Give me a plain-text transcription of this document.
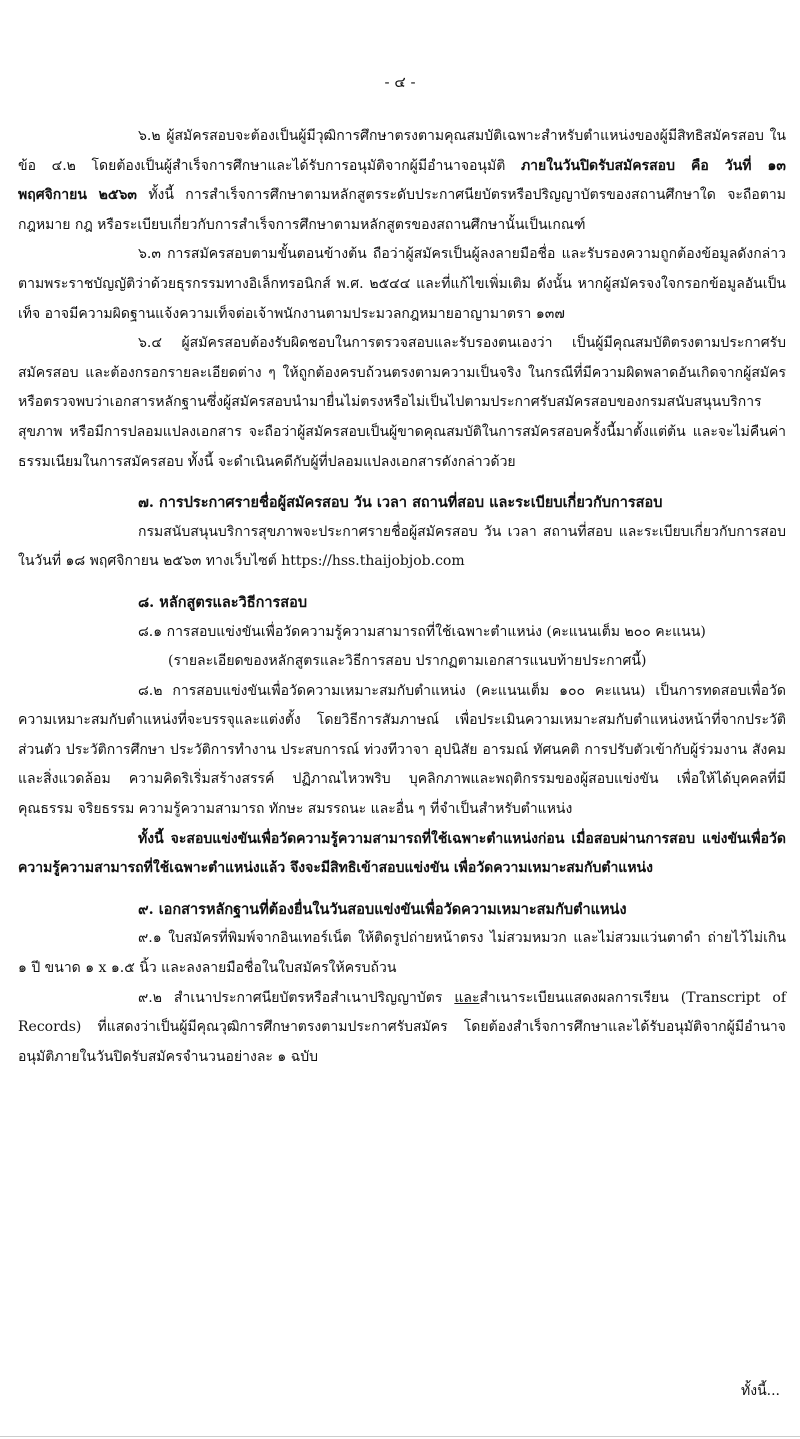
- ๔ -

๖.๒ ผู้สมัครสอบจะต้องเป็นผู้มีวุฒิการศึกษาตรงตามคุณสมบัติเฉพาะสำหรับตำแหน่งของผู้มีสิทธิสมัครสอบ ในข้อ ๔.๒ โดยต้องเป็นผู้สำเร็จการศึกษาและได้รับการอนุมัติจากผู้มีอำนาจอนุมัติ ภายในวันปิดรับสมัครสอบ คือ วันที่ ๑๓ พฤศจิกายน ๒๕๖๓ ทั้งนี้ การสำเร็จการศึกษาตามหลักสูตรระดับประกาศนียบัตรหรือปริญญาบัตรของสถานศึกษาใด จะถือตามกฎหมาย กฎ หรือระเบียบเกี่ยวกับการสำเร็จการศึกษาตามหลักสูตรของสถานศึกษานั้นเป็นเกณฑ์

๖.๓ การสมัครสอบตามขั้นตอนข้างต้น ถือว่าผู้สมัครเป็นผู้ลงลายมือชื่อ และรับรองความถูกต้องข้อมูลดังกล่าว ตามพระราชบัญญัติว่าด้วยธุรกรรมทางอิเล็กทรอนิกส์ พ.ศ. ๒๕๔๔ และที่แก้ไขเพิ่มเติม ดังนั้น หากผู้สมัครจงใจกรอกข้อมูลอันเป็นเท็จ อาจมีความผิดฐานแจ้งความเท็จต่อเจ้าพนักงานตามประมวลกฎหมายอาญามาตรา ๑๓๗

๖.๔ ผู้สมัครสอบต้องรับผิดชอบในการตรวจสอบและรับรองตนเองว่า เป็นผู้มีคุณสมบัติตรงตามประกาศรับสมัครสอบ และต้องกรอกรายละเอียดต่าง ๆ ให้ถูกต้องครบถ้วนตรงตามความเป็นจริง ในกรณีที่มีความผิดพลาดอันเกิดจากผู้สมัคร หรือตรวจพบว่าเอกสารหลักฐานซึ่งผู้สมัครสอบนำมายื่นไม่ตรงหรือไม่เป็นไปตามประกาศรับสมัครสอบของกรมสนับสนุนบริการสุขภาพ หรือมีการปลอมแปลงเอกสาร จะถือว่าผู้สมัครสอบเป็นผู้ขาดคุณสมบัติในการสมัครสอบครั้งนี้มาตั้งแต่ต้น และจะไม่คืนค่าธรรมเนียมในการสมัครสอบ ทั้งนี้ จะดำเนินคดีกับผู้ที่ปลอมแปลงเอกสารดังกล่าวด้วย

๗. การประกาศรายชื่อผู้สมัครสอบ วัน เวลา สถานที่สอบ และระเบียบเกี่ยวกับการสอบ

กรมสนับสนุนบริการสุขภาพจะประกาศรายชื่อผู้สมัครสอบ วัน เวลา สถานที่สอบ และระเบียบเกี่ยวกับการสอบ ในวันที่ ๑๘ พฤศจิกายน ๒๕๖๓ ทางเว็บไซต์ https://hss.thaijobjob.com

๘. หลักสูตรและวิธีการสอบ

๘.๑ การสอบแข่งขันเพื่อวัดความรู้ความสามารถที่ใช้เฉพาะตำแหน่ง (คะแนนเต็ม ๒๐๐ คะแนน)

(รายละเอียดของหลักสูตรและวิธีการสอบ ปรากฏตามเอกสารแนบท้ายประกาศนี้)

๘.๒ การสอบแข่งขันเพื่อวัดความเหมาะสมกับตำแหน่ง (คะแนนเต็ม ๑๐๐ คะแนน) เป็นการทดสอบเพื่อวัดความเหมาะสมกับตำแหน่งที่จะบรรจุและแต่งตั้ง โดยวิธีการสัมภาษณ์ เพื่อประเมินความเหมาะสมกับตำแหน่งหน้าที่จากประวัติส่วนตัว ประวัติการศึกษา ประวัติการทำงาน ประสบการณ์ ท่วงทีวาจา อุปนิสัย อารมณ์ ทัศนคติ การปรับตัวเข้ากับผู้ร่วมงาน สังคม และสิ่งแวดล้อม ความคิดริเริ่มสร้างสรรค์ ปฏิภาณไหวพริบ บุคลิกภาพและพฤติกรรมของผู้สอบแข่งขัน เพื่อให้ได้บุคคลที่มีคุณธรรม จริยธรรม ความรู้ความสามารถ ทักษะ สมรรถนะ และอื่น ๆ ที่จำเป็นสำหรับตำแหน่ง

ทั้งนี้ จะสอบแข่งขันเพื่อวัดความรู้ความสามารถที่ใช้เฉพาะตำแหน่งก่อน เมื่อสอบผ่านการสอบ แข่งขันเพื่อวัดความรู้ความสามารถที่ใช้เฉพาะตำแหน่งแล้ว จึงจะมีสิทธิเข้าสอบแข่งขัน เพื่อวัดความเหมาะสมกับตำแหน่ง

๙. เอกสารหลักฐานที่ต้องยื่นในวันสอบแข่งขันเพื่อวัดความเหมาะสมกับตำแหน่ง

๙.๑ ใบสมัครที่พิมพ์จากอินเทอร์เน็ต ให้ติดรูปถ่ายหน้าตรง ไม่สวมหมวก และไม่สวมแว่นตาดำ ถ่ายไว้ไม่เกิน ๑ ปี ขนาด ๑ x ๑.๕ นิ้ว และลงลายมือชื่อในใบสมัครให้ครบถ้วน

๙.๒ สำเนาประกาศนียบัตรหรือสำเนาปริญญาบัตร และสำเนาระเบียนแสดงผลการเรียน (Transcript of Records) ที่แสดงว่าเป็นผู้มีคุณวุฒิการศึกษาตรงตามประกาศรับสมัคร โดยต้องสำเร็จการศึกษาและได้รับอนุมัติจากผู้มีอำนาจอนุมัติภายในวันปิดรับสมัครจำนวนอย่างละ ๑ ฉบับ

ทั้งนี้...
